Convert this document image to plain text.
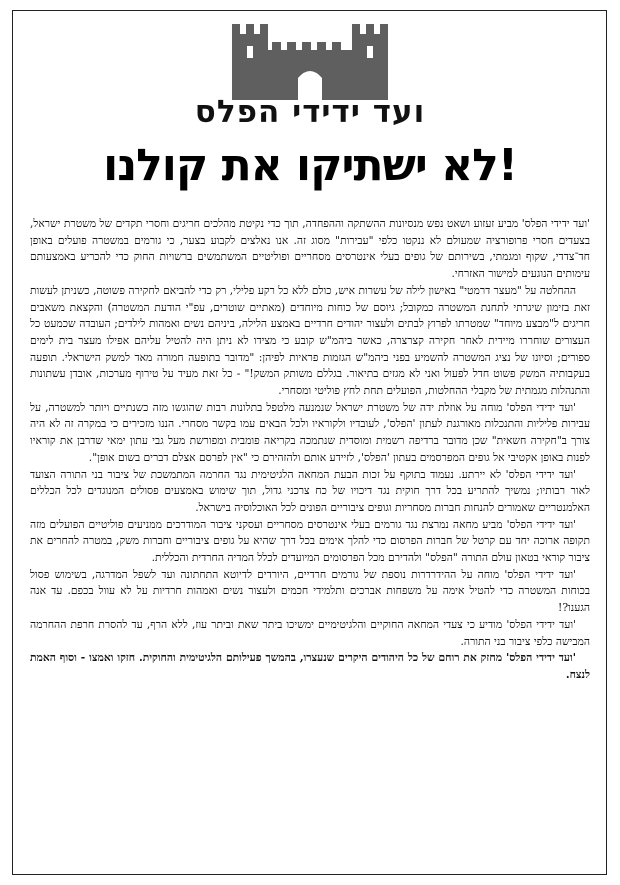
ועד ידידי הפלס
לא ישתיקו את קולנו!

'ועד ידידי הפלס' מביע זעזוע ושאט נפש מנסיונות ההשתקה וההפחדה, תוך כדי נקיטת מהלכים חריגים וחסרי תקדים של משטרת ישראל, בצעדים חסרי פרופורציה שמעולם לא ננקטו כלפי "עבירות" מסוג זה. אנו נאלצים לקבוע בצער, כי גורמים במשטרה פועלים באופן חד־צדדי, שקוף ומגמתי, בשירותם של גופים בעלי אינטרסים מסחריים ופוליטיים המשתמשים ברשויות החוק כדי להכריע באמצעותם עימותים הנוגעים למישור האזרחי.

ההחלטה על "מעצר דרמטי" באישון לילה של עשרות איש, כולם ללא כל רקע פלילי, רק כדי להביאם לחקירה פשוטה, כשניתן לעשות זאת בזימון שיגרתי לתחנת המשטרה כמקובל; גיוסם של כוחות מיוחדים (מאתיים שוטרים, עפ"י הודעת המשטרה) והקצאת משאבים חריגים ל"מבצע מיוחד" שמטרתו לפרוץ לבתים ולעצור יהודים חרדיים באמצע הלילה, ביניהם נשים ואמהות לילדים; העובדה שכמעט כל העצורים שוחררו מיידית לאחר חקירה קצרצרה, כאשר ביהמ"ש קובע כי מצידו לא ניתן היה להטיל עליהם אפילו מעצר בית לימים ספורים; וסיונו של נציג המשטרה להשמיע בפני ביהמ"ש הגזמות פראיות לפיהן: "מדובר בתופעה חמורה מאד למשק הישראלי. תופעה בעקבותיה המשק פשוט חדל לפעול ואני לא מגזים בתיאור. בגללם משותק המשק!" - כל זאת מעיד על טירוף מערכות, אובדן עשתונות והתנהלות מגמתית של מקבלי ההחלטות, הפועלים תחת לחץ פוליטי ומסחרי.

'ועד ידידי הפלס' מוחה על אוזלת ידה של משטרת ישראל שנמנעה מלטפל בתלונות רבות שהוגשו מזה כשנתיים ויותר למשטרה, על עבירות פליליות והתנכלות מאורגנת לעתון 'הפלס', לעובדיו ולקוראיו ולכל הבאים עמו בקשר מסחרי. הננו מזכירים כי במקרה זה לא היה צורך ב"חקירה חשאית" שכן מדובר ברדיפה רשמית ומוסדית שנתמכה בקריאה פומבית ומפורשת מעל גבי עתון ימאי שדרבן את קוראיו לפנות באופן אקטיבי אל גופים המפרסמים בעתון 'הפלס', לזיידע אותם ולהזהירם כי "אין לפרסם אצלם דברים בשום אופן".

'ועד ידידי הפלס' לא יירתע. נעמוד בתוקף על זכות הבעת המחאה הלגיטימית נגד החרמה המתמשכת של ציבור בני התורה הצועד לאור רבותיו; נמשיך להתריע בכל דרך חוקית נגד דיכויו של כח צרכני גדול, תוך שימוש באמצעים פסולים המנוגדים לכל הכללים האלמנטריים שאמורים להנחות חברות מסחריות וגופים ציבוריים הפונים לכל האוכלוסיה בישראל.

'ועד ידידי הפלס' מביע מחאה נמרצת נגד גורמים בעלי אינטרסים מסחריים ועסקני ציבור המודרכים ממניעים פוליטיים הפועלים מזה תקופה ארוכה יחד עם קרטל של חברות הפרסום כדי להלך אימים בכל דרך שהיא על גופים ציבוריים וחברות משק, במטרה להחרים את ציבור קוראי בטאון עולם התורה "הפלס" ולהדירם מכל הפרסומים המיועדים לכלל המדיה החרדית והכללית.

'ועד ידידי הפלס' מוחה על ההידרדרות נוספת של גורמים חרדיים, היורדים לדיוטא התחתונה ועד לשפל המדרגה, בשימוש פסול בכוחות המשטרה כדי להטיל אימה על משפחות אברכים ותלמידי חכמים ולעצור נשים ואמהות חרדיות על לא עוול בכפם. עד אנה הגענו?!

'ועד ידידי הפלס' מודיע כי צעדי המחאה החוקיים והלגיטימיים ימשיכו ביתר שאת וביתר עוז, ללא הרף, עד להסרת חרפת ההחרמה המבישה כלפי ציבור בני התורה.

'ועד ידידי הפלס' מחזק את רוחם של כל היהודים היקרים שנעצרו, בהמשך פעילותם הלגיטימית והחוקית. חזקו ואמצו - וסוף האמת לנצח.
